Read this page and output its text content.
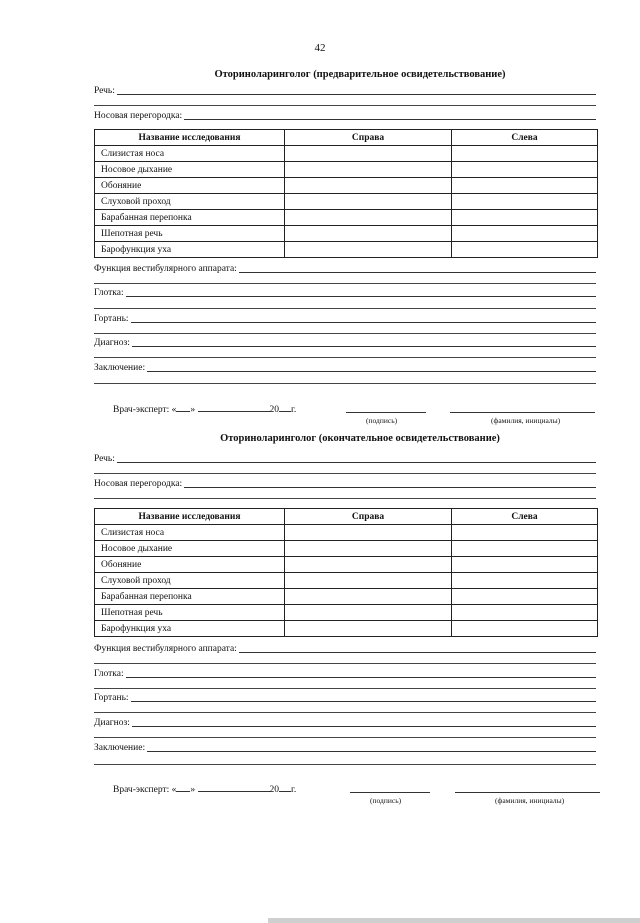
42
Оториноларинголог (предварительное освидетельствование)
Речь:
Носовая перегородка:
Название исследования	Справа	Слева
Слизистая носа		
Носовое дыхание		
Обоняние		
Слуховой проход		
Барабанная перепонка		
Шепотная речь		
Барофункция уха		
Функция вестибулярного аппарата:
Глотка:
Гортань:
Диагноз:
Заключение:
Врач-эксперт: « »	20 г.
(подпись)	(фамилия, инициалы)
Оториноларинголог (окончательное освидетельствование)
Речь:
Носовая перегородка:
Название исследования	Справа	Слева
Слизистая носа		
Носовое дыхание		
Обоняние		
Слуховой проход		
Барабанная перепонка		
Шепотная речь		
Барофункция уха		
Функция вестибулярного аппарата:
Глотка:
Гортань:
Диагноз:
Заключение:
Врач-эксперт: « »	20 г.
(подпись)	(фамилия, инициалы)
